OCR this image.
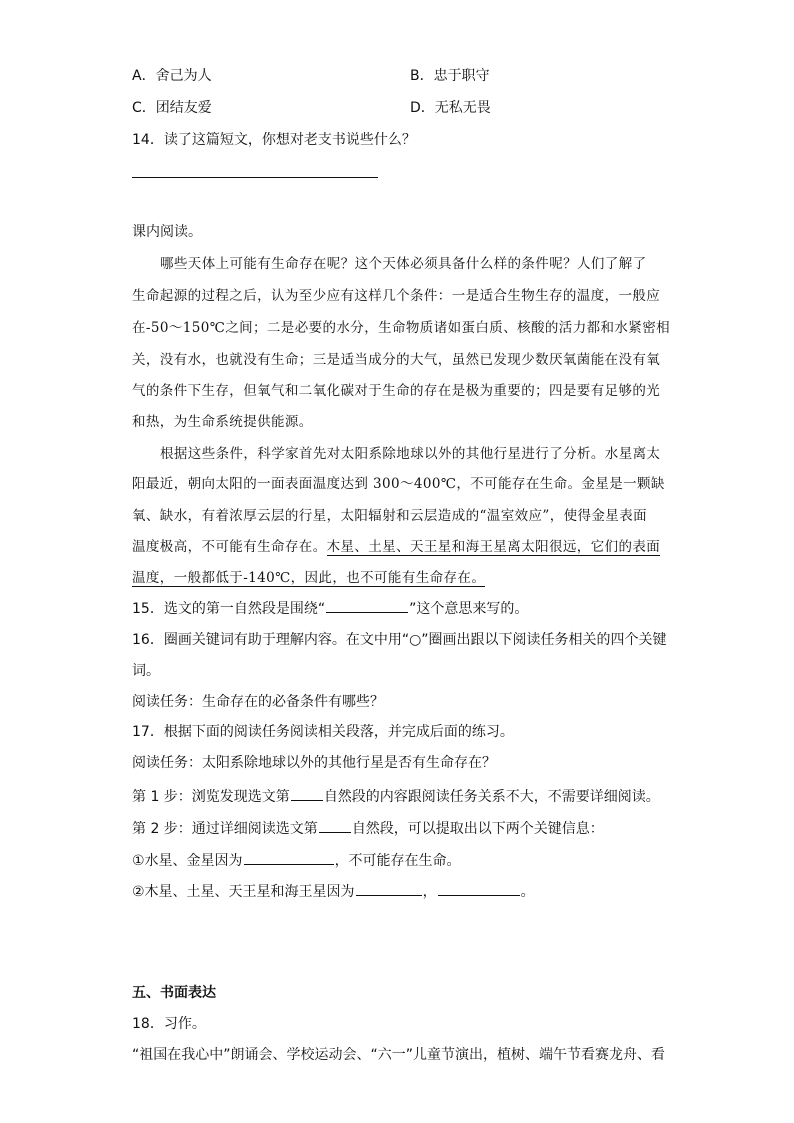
A．舍己为人	B．忠于职守
C．团结友爱	D．无私无畏
14．读了这篇短文，你想对老支书说些什么？
课内阅读。
哪些天体上可能有生命存在呢？这个天体必须具备什么样的条件呢？人们了解了
生命起源的过程之后，认为至少应有这样几个条件：一是适合生物生存的温度，一般应
在-50～150℃之间；二是必要的水分，生命物质诸如蛋白质、核酸的活力都和水紧密相
关，没有水，也就没有生命；三是适当成分的大气，虽然已发现少数厌氧菌能在没有氧
气的条件下生存，但氧气和二氧化碳对于生命的存在是极为重要的；四是要有足够的光
和热，为生命系统提供能源。
根据这些条件，科学家首先对太阳系除地球以外的其他行星进行了分析。水星离太
阳最近，朝向太阳的一面表面温度达到 300～400℃，不可能存在生命。金星是一颗缺
氧、缺水，有着浓厚云层的行星，太阳辐射和云层造成的“温室效应”，使得金星表面
温度极高，不可能有生命存在。木星、土星、天王星和海王星离太阳很远，它们的表面
温度，一般都低于-140℃，因此，也不可能有生命存在。
15．选文的第一自然段是围绕“	”这个意思来写的。
16．圈画关键词有助于理解内容。在文中用“○”圈画出跟以下阅读任务相关的四个关键
词。
阅读任务：生命存在的必备条件有哪些？
17．根据下面的阅读任务阅读相关段落，并完成后面的练习。
阅读任务：太阳系除地球以外的其他行星是否有生命存在？
第 1 步：浏览发现选文第 自然段的内容跟阅读任务关系不大，不需要详细阅读。
第 2 步：通过详细阅读选文第 自然段，可以提取出以下两个关键信息：
①水星、金星因为	，不可能存在生命。
②木星、土星、天王星和海王星因为	，	。
五、书面表达
18．习作。
“祖国在我心中”朗诵会、学校运动会、“六一”儿童节演出，植树、端午节看赛龙舟、看
